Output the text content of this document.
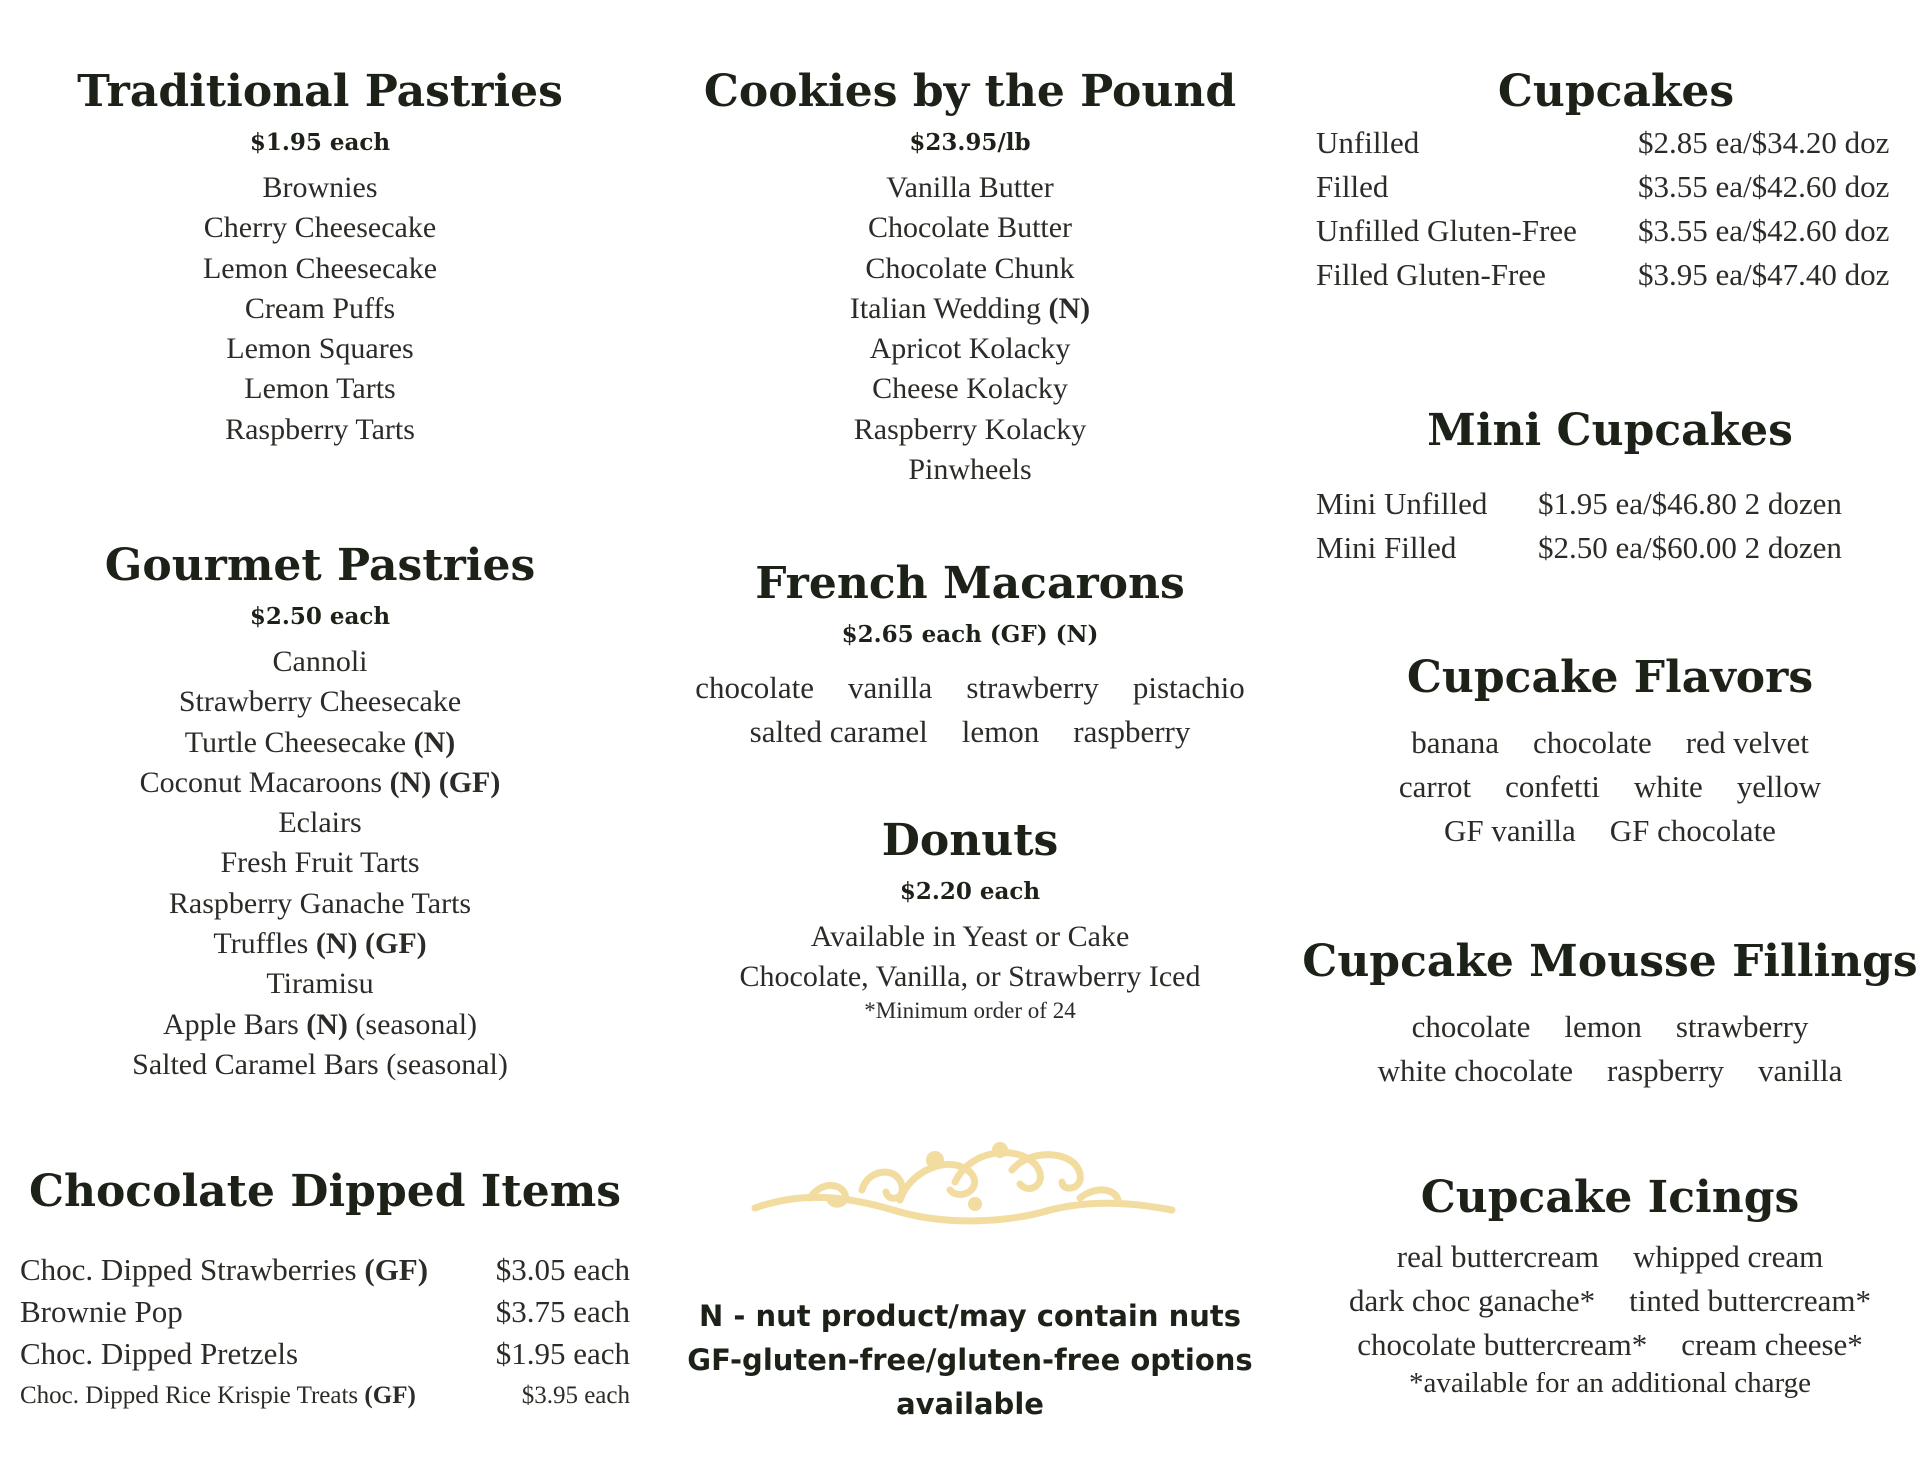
Traditional Pastries
$1.95 each
Brownies
Cherry Cheesecake
Lemon Cheesecake
Cream Puffs
Lemon Squares
Lemon Tarts
Raspberry Tarts
Gourmet Pastries
$2.50 each
Cannoli
Strawberry Cheesecake
Turtle Cheesecake (N)
Coconut Macaroons (N) (GF)
Eclairs
Fresh Fruit Tarts
Raspberry Ganache Tarts
Truffles (N) (GF)
Tiramisu
Apple Bars (N) (seasonal)
Salted Caramel Bars (seasonal)
Chocolate Dipped Items
Choc. Dipped Strawberries (GF) $3.05 each
Brownie Pop	$3.75 each
Choc. Dipped Pretzels	$1.95 each
Choc. Dipped Rice Krispie Treats (GF)	$3.95 each
Cookies by the Pound
$23.95/lb
Vanilla Butter
Chocolate Butter
Chocolate Chunk
Italian Wedding (N)
Apricot Kolacky
Cheese Kolacky
Raspberry Kolacky
Pinwheels
French Macarons
$2.65 each (GF) (N)
chocolate vanilla strawberry pistachio
salted caramel lemon raspberry
Donuts
$2.20 each
Available in Yeast or Cake
Chocolate, Vanilla, or Strawberry Iced
*Minimum order of 24
N - nut product/may contain nuts
GF-gluten-free/gluten-free options
available
Cupcakes
Unfilled	$2.85 ea/$34.20 doz
Filled	$3.55 ea/$42.60 doz
Unfilled Gluten-Free	$3.55 ea/$42.60 doz
Filled Gluten-Free	$3.95 ea/$47.40 doz
Mini Cupcakes
Mini Unfilled	$1.95 ea/$46.80 2 dozen
Mini Filled	$2.50 ea/$60.00 2 dozen
Cupcake Flavors
banana chocolate red velvet
carrot confetti white yellow
GF vanilla GF chocolate
Cupcake Mousse Fillings
chocolate lemon strawberry
white chocolate raspberry vanilla
Cupcake Icings
real buttercream whipped cream
dark choc ganache* tinted buttercream*
chocolate buttercream* cream cheese*
*available for an additional charge
